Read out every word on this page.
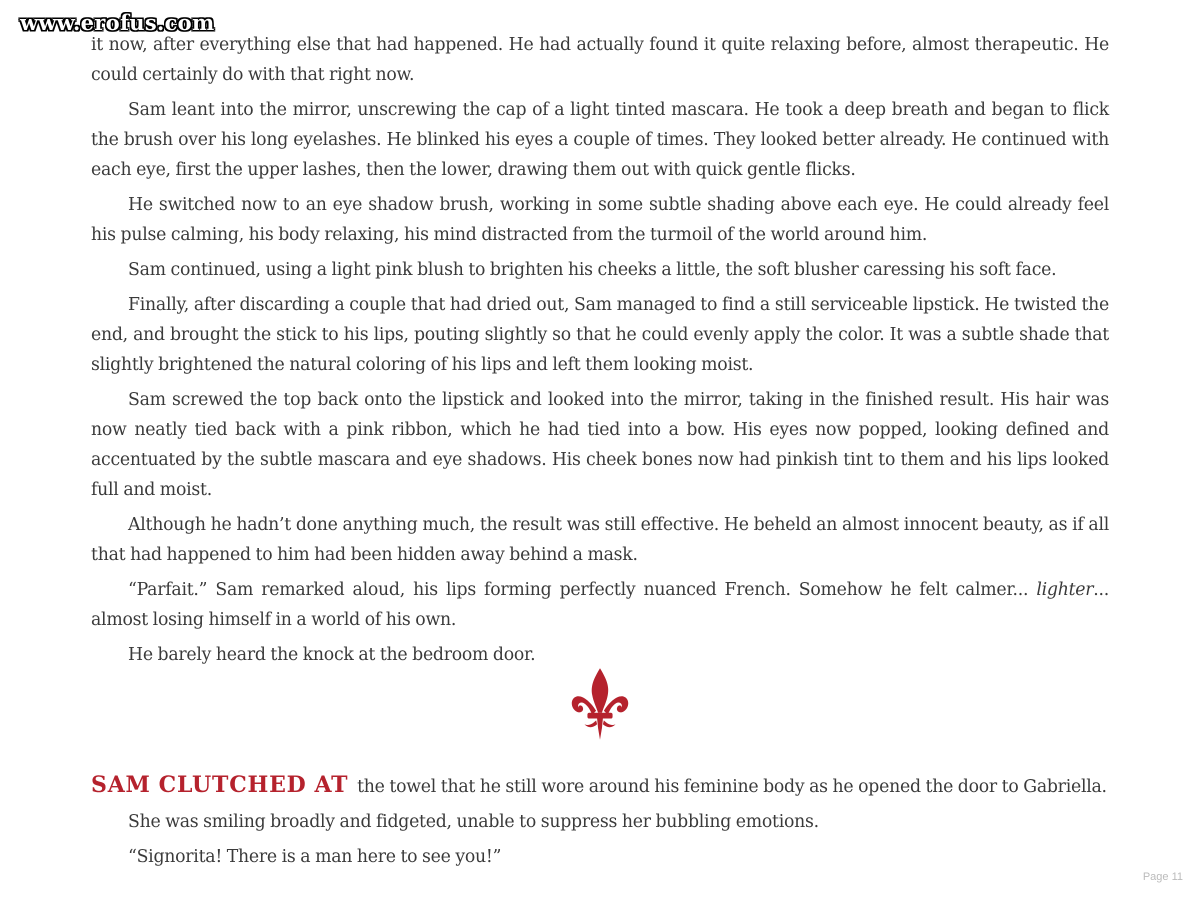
www.erofus.com

it now, after everything else that had happened. He had actually found it quite relaxing before, almost therapeutic. He could certainly do with that right now.

Sam leant into the mirror, unscrewing the cap of a light tinted mascara. He took a deep breath and began to flick the brush over his long eyelashes. He blinked his eyes a couple of times. They looked better already. He continued with each eye, first the upper lashes, then the lower, drawing them out with quick gentle flicks.

He switched now to an eye shadow brush, working in some subtle shading above each eye. He could already feel his pulse calming, his body relaxing, his mind distracted from the turmoil of the world around him.

Sam continued, using a light pink blush to brighten his cheeks a little, the soft blusher caressing his soft face.

Finally, after discarding a couple that had dried out, Sam managed to find a still serviceable lipstick. He twisted the end, and brought the stick to his lips, pouting slightly so that he could evenly apply the color. It was a subtle shade that slightly brightened the natural coloring of his lips and left them looking moist.

Sam screwed the top back onto the lipstick and looked into the mirror, taking in the finished result. His hair was now neatly tied back with a pink ribbon, which he had tied into a bow. His eyes now popped, looking defined and accentuated by the subtle mascara and eye shadows. His cheek bones now had pinkish tint to them and his lips looked full and moist.

Although he hadn’t done anything much, the result was still effective. He beheld an almost innocent beauty, as if all that had happened to him had been hidden away behind a mask.

“Parfait.” Sam remarked aloud, his lips forming perfectly nuanced French. Somehow he felt calmer... lighter... almost losing himself in a world of his own.

He barely heard the knock at the bedroom door.

SAM CLUTCHED AT the towel that he still wore around his feminine body as he opened the door to Gabriella.

She was smiling broadly and fidgeted, unable to suppress her bubbling emotions.

“Signorita! There is a man here to see you!”

Page 11
